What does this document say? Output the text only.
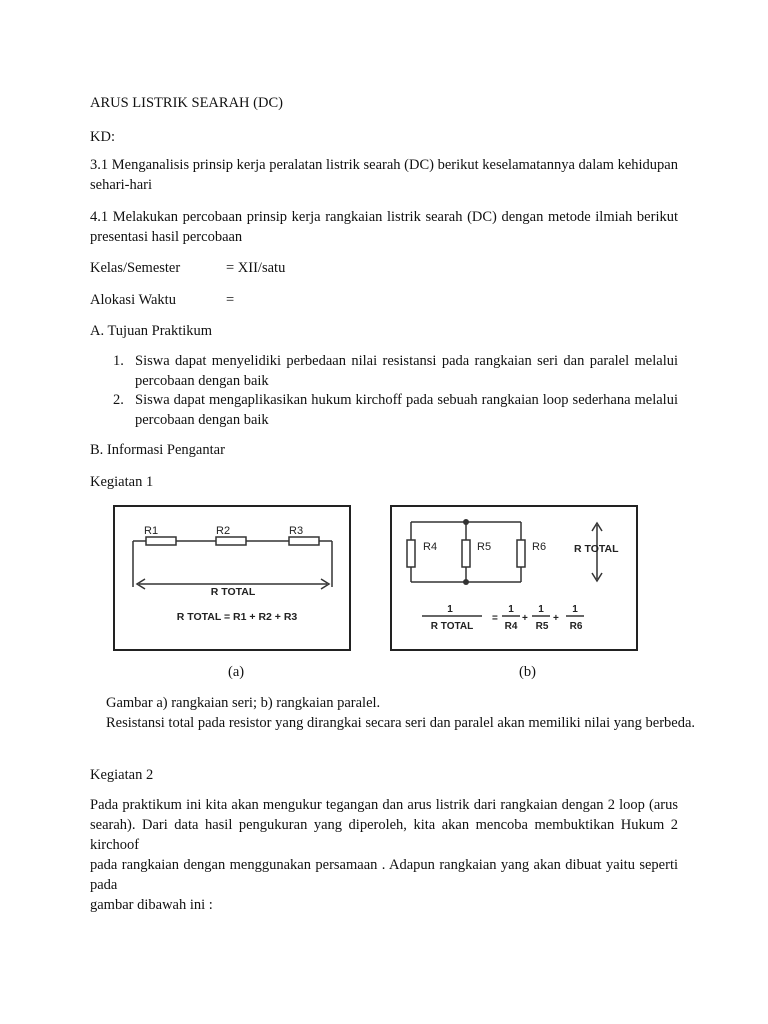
ARUS LISTRIK SEARAH (DC)

KD:

3.1 Menganalisis prinsip kerja peralatan listrik searah (DC) berikut keselamatannya dalam kehidupan
sehari-hari

4.1 Melakukan percobaan prinsip kerja rangkaian listrik searah (DC) dengan metode ilmiah berikut
presentasi hasil percobaan

Kelas/Semester	= XII/satu
Alokasi Waktu	=

A. Tujuan Praktikum

1. Siswa dapat menyelidiki perbedaan nilai resistansi pada rangkaian seri dan paralel melalui
percobaan dengan baik
2. Siswa dapat mengaplikasikan hukum kirchoff pada sebuah rangkaian loop sederhana melalui
percobaan dengan baik

B. Informasi Pengantar

Kegiatan 1

R1	R2	R3
R TOTAL
R TOTAL = R1 + R2 + R3
R4	R5	R6	R TOTAL
1
R TOTAL
=
1
R4
+
1
R5
+
1
R6
(a)	(b)
Gambar a) rangkaian seri; b) rangkaian paralel.
Resistansi total pada resistor yang dirangkai secara seri dan paralel akan memiliki nilai yang berbeda.

Kegiatan 2

Pada praktikum ini kita akan mengukur tegangan dan arus listrik dari rangkaian dengan 2 loop (arus
searah). Dari data hasil pengukuran yang diperoleh, kita akan mencoba membuktikan Hukum 2 kirchoof
pada rangkaian dengan menggunakan persamaan . Adapun rangkaian yang akan dibuat yaitu seperti pada
gambar dibawah ini :
